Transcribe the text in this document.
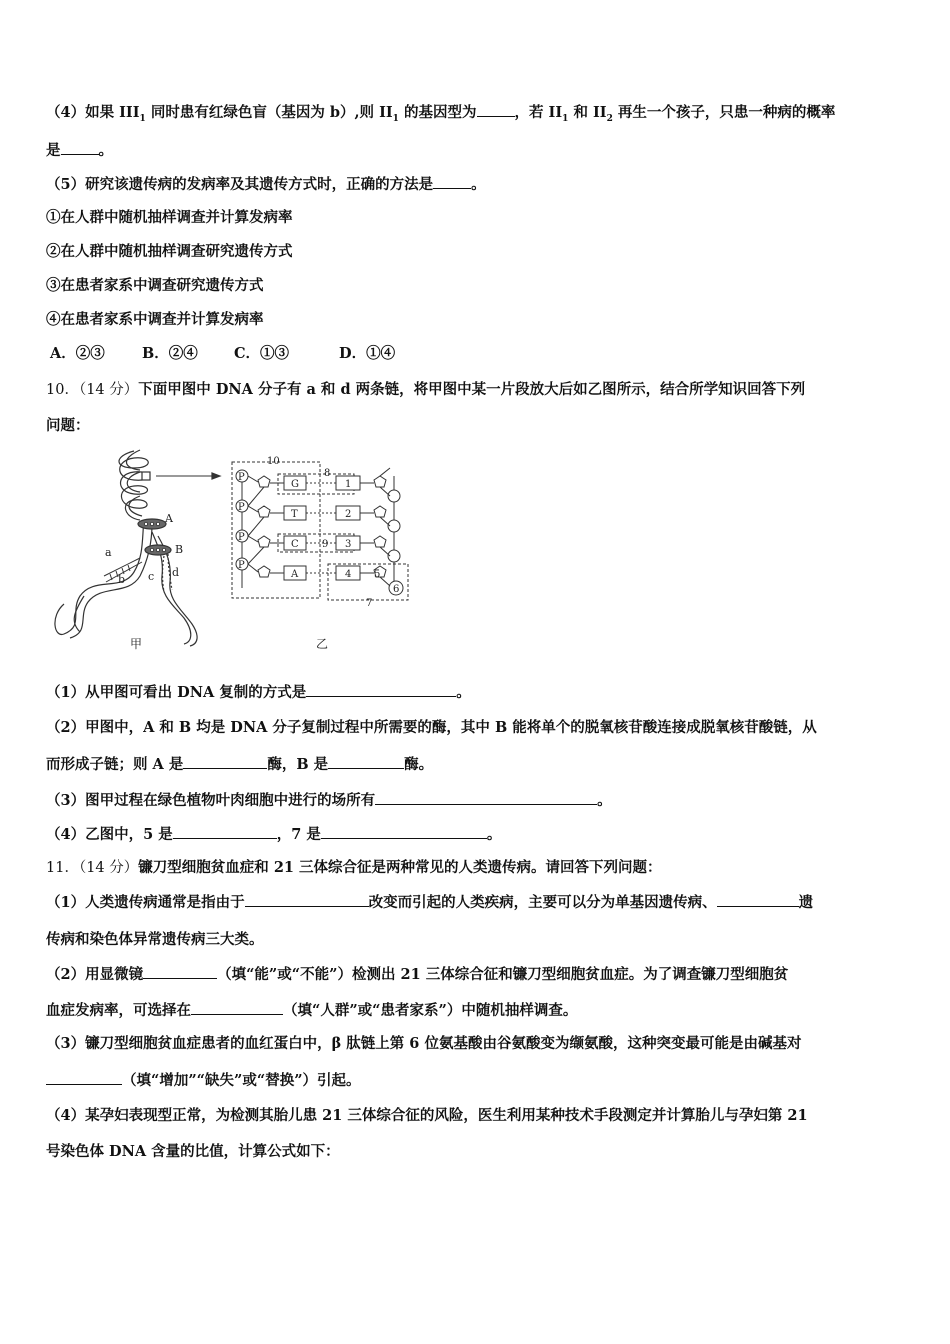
（4）如果 $III_1$ 同时患有红绿色盲（基因为 b）,则 $II_1$ 的基因型为	，若 $II_1$ 和 $II_2$ 再生一个孩子，只患一种病的概率
是	。
（5）研究该遗传病的发病率及其遗传方式时，正确的方法是	。
①在人群中随机抽样调查并计算发病率
②在人群中随机抽样调查研究遗传方式
③在患者家系中调查研究遗传方式
④在患者家系中调查并计算发病率
A．②③	B．②④ C．①③	D．①④
10．（14 分）下面甲图中 DNA 分子有 a 和 d 两条链，将甲图中某一片段放大后如乙图所示，结合所学知识回答下列
问题：
A
B
a
b c d
甲	乙
P
P
P
P
G
T
C
A
1
2
3
4
10
8
9
5
6
7
（1）从甲图可看出 DNA 复制的方式是	。
（2）甲图中，A 和 B 均是 DNA 分子复制过程中所需要的酶，其中 B 能将单个的脱氧核苷酸连接成脱氧核苷酸链，从
而形成子链；则 A 是	酶，B 是	酶。
（3）图甲过程在绿色植物叶肉细胞中进行的场所有	。
（4）乙图中，5 是	，7 是	。
11．（14 分）镰刀型细胞贫血症和 21 三体综合征是两种常见的人类遗传病。请回答下列问题：
（1）人类遗传病通常是指由于	改变而引起的人类疾病，主要可以分为单基因遗传病、	遗
传病和染色体异常遗传病三大类。
（2）用显微镜	（填“能”或“不能”）检测出 21 三体综合征和镰刀型细胞贫血症。为了调查镰刀型细胞贫
血症发病率，可选择在	（填“人群”或“患者家系”）中随机抽样调查。
（3）镰刀型细胞贫血症患者的血红蛋白中，β 肽链上第 6 位氨基酸由谷氨酸变为缬氨酸，这种突变最可能是由碱基对
（填“增加”“缺失”或“替换”）引起。
（4）某孕妇表现型正常，为检测其胎儿患 21 三体综合征的风险，医生利用某种技术手段测定并计算胎儿与孕妇第 21
号染色体 DNA 含量的比值，计算公式如下：
